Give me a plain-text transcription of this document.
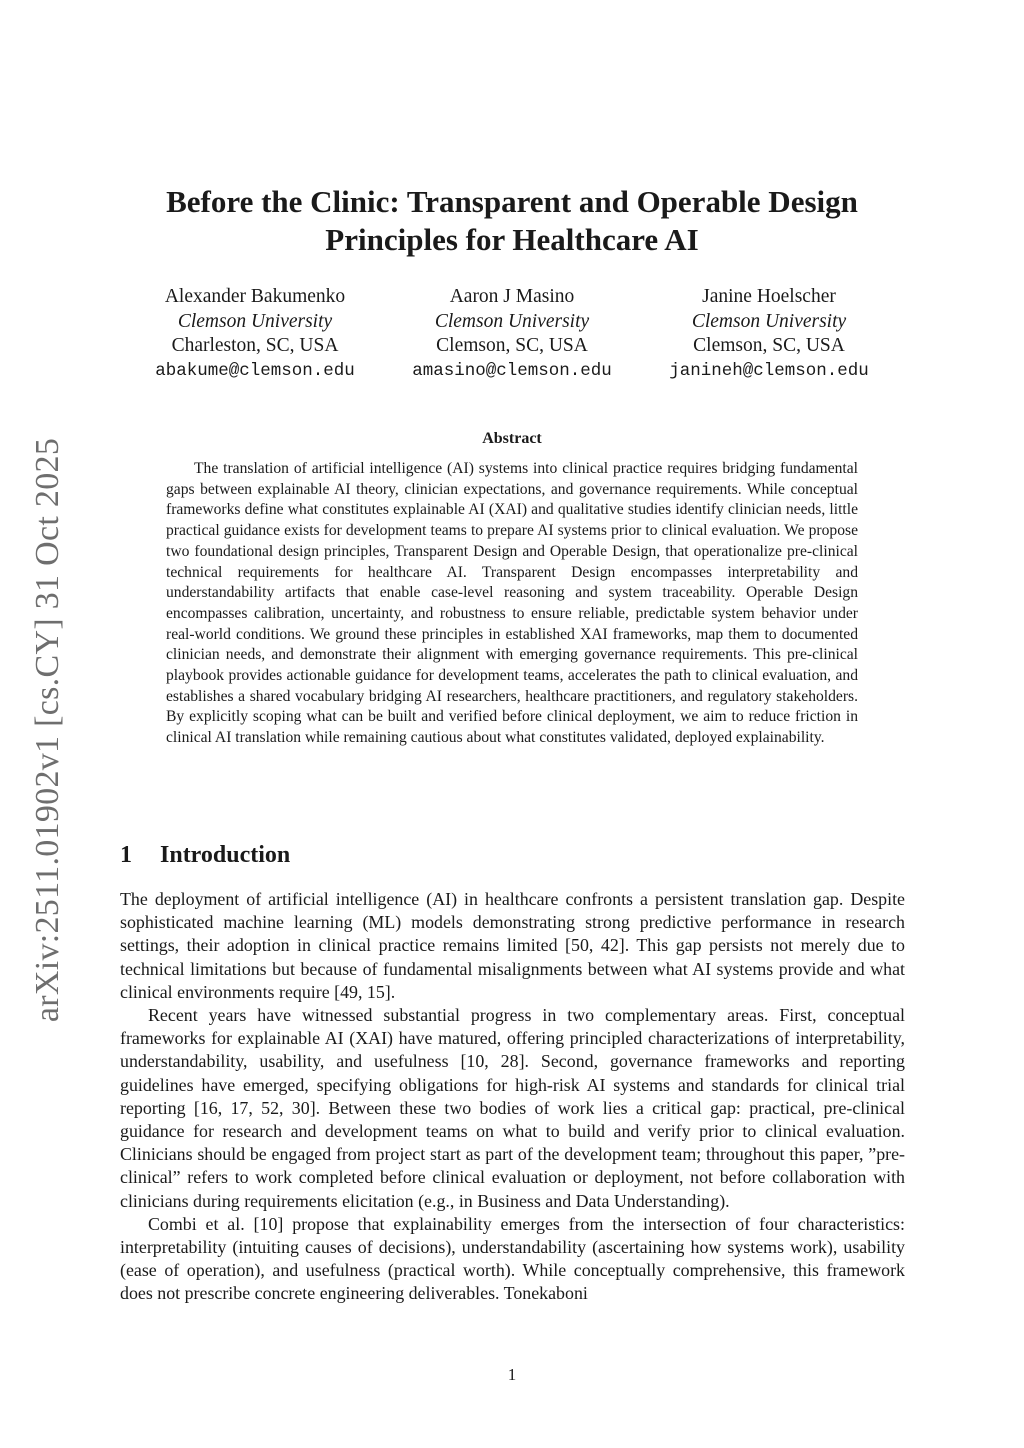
arXiv:2511.01902v1 [cs.CY] 31 Oct 2025
Before the Clinic: Transparent and Operable Design Principles for Healthcare AI
Alexander Bakumenko
Clemson University
Charleston, SC, USA
abakume@clemson.edu
Aaron J Masino
Clemson University
Clemson, SC, USA
amasino@clemson.edu
Janine Hoelscher
Clemson University
Clemson, SC, USA
janineh@clemson.edu
Abstract

The translation of artificial intelligence (AI) systems into clinical practice requires bridging fundamental gaps between explainable AI theory, clinician expectations, and governance requirements. While conceptual frameworks define what constitutes explainable AI (XAI) and qualitative studies identify clinician needs, little practical guidance exists for development teams to prepare AI systems prior to clinical evaluation. We propose two foundational design principles, Transparent Design and Operable Design, that operationalize pre-clinical technical requirements for healthcare AI. Transparent Design encompasses interpretability and understandability artifacts that enable case-level reasoning and system traceability. Operable Design encompasses calibration, uncertainty, and robustness to ensure reliable, predictable system behavior under real-world conditions. We ground these principles in established XAI frameworks, map them to documented clinician needs, and demonstrate their alignment with emerging governance requirements. This pre-clinical playbook provides actionable guidance for development teams, accelerates the path to clinical evaluation, and establishes a shared vocabulary bridging AI researchers, healthcare practitioners, and regulatory stakeholders. By explicitly scoping what can be built and verified before clinical deployment, we aim to reduce friction in clinical AI translation while remaining cautious about what constitutes validated, deployed explainability.

1 Introduction

The deployment of artificial intelligence (AI) in healthcare confronts a persistent translation gap. Despite sophisticated machine learning (ML) models demonstrating strong predictive performance in research settings, their adoption in clinical practice remains limited [50, 42]. This gap persists not merely due to technical limitations but because of fundamental misalignments between what AI systems provide and what clinical environments require [49, 15].

Recent years have witnessed substantial progress in two complementary areas. First, conceptual frameworks for explainable AI (XAI) have matured, offering principled characterizations of interpretability, understandability, usability, and usefulness [10, 28]. Second, governance frameworks and reporting guidelines have emerged, specifying obligations for high-risk AI systems and standards for clinical trial reporting [16, 17, 52, 30]. Between these two bodies of work lies a critical gap: practical, pre-clinical guidance for research and development teams on what to build and verify prior to clinical evaluation. Clinicians should be engaged from project start as part of the development team; throughout this paper, ”pre-clinical” refers to work completed before clinical evaluation or deployment, not before collaboration with clinicians during requirements elicitation (e.g., in Business and Data Understanding).

Combi et al. [10] propose that explainability emerges from the intersection of four characteristics: interpretability (intuiting causes of decisions), understandability (ascertaining how systems work), usability (ease of operation), and usefulness (practical worth). While conceptually comprehensive, this framework does not prescribe concrete engineering deliverables. Tonekaboni

1
